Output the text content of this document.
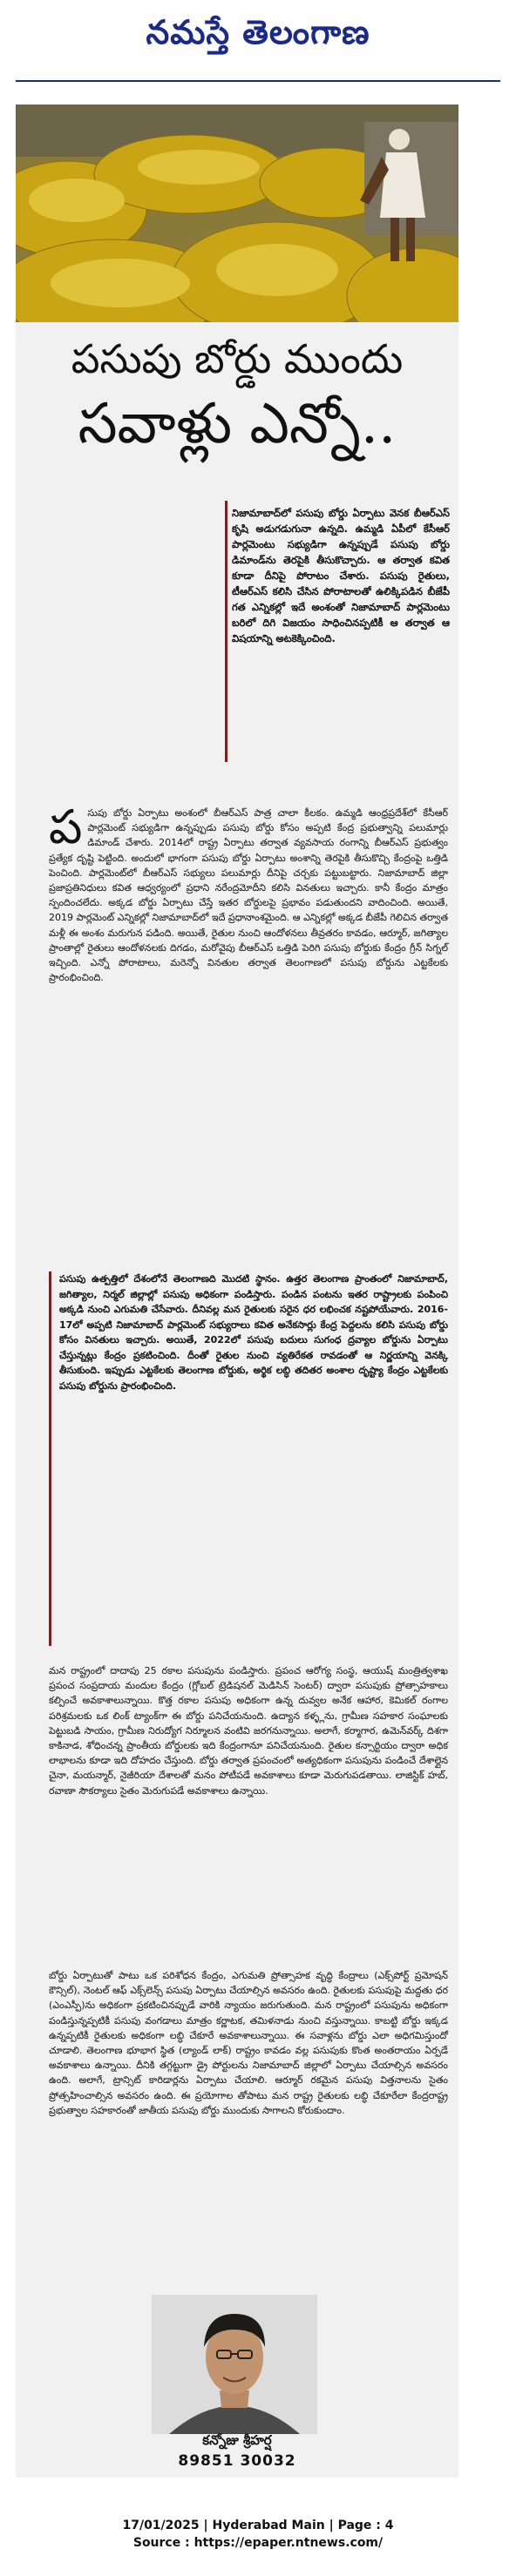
నమస్తే తెలంగాణ
పసుపు బోర్డు ముందు
సవాళ్లు ఎన్నో..
నిజామాబాద్‌లో పసుపు బోర్డు ఏర్పాటు వెనక బీఆర్ఎస్ కృషి అడుగడుగునా ఉన్నది. ఉమ్మడి ఏపీలో కేసీఆర్ పార్లమెంటు సభ్యుడిగా ఉన్నప్పుడే పసుపు బోర్డు డిమాండ్‌ను తెరపైకి తీసుకొచ్చారు. ఆ తర్వాత కవిత కూడా దీనిపై పోరాటం చేశారు. పసుపు రైతులు, టీఆర్ఎస్ కలిసి చేసిన పోరాటాలతో ఉలిక్కిపడిన బీజేపీ గత ఎన్నికల్లో ఇదే అంశంతో నిజామాబాద్ పార్లమెంటు బరిలో దిగి విజయం సాధించినప్పటికీ ఆ తర్వాత ఆ విషయాన్ని అటకెక్కించింది.
పసుపు బోర్డు ఏర్పాటు అంశంలో బీఆర్ఎస్ పాత్ర చాలా కీలకం. ఉమ్మడి ఆంధ్రప్రదేశ్‌లో కేసీఆర్ పార్లమెంట్ సభ్యుడిగా ఉన్నప్పుడు పసుపు బోర్డు కోసం అప్పటి కేంద్ర ప్రభుత్వాన్ని పలుమార్లు డిమాండ్ చేశారు. 2014లో రాష్ట్ర ఏర్పాటు తర్వాత వ్యవసాయ రంగాన్ని బీఆర్ఎస్ ప్రభుత్వం ప్రత్యేక దృష్టి పెట్టింది. అందులో భాగంగా పసుపు బోర్డు ఏర్పాటు అంశాన్ని తెరపైకి తీసుకొచ్చి కేంద్రంపై ఒత్తిడి పెంచింది. పార్లమెంట్‌లో బీఆర్ఎస్ సభ్యులు పలుమార్లు దీనిపై చర్చకు పట్టుబట్టారు. నిజామాబాద్ జిల్లా ప్రజాప్రతినిధులు కవిత ఆధ్వర్యంలో ప్రధాని నరేంద్రమోదీని కలిసి వినతులు ఇచ్చారు. కానీ కేంద్రం మాత్రం స్పందించలేదు. అక్కడ బోర్డు ఏర్పాటు చేస్తే ఇతర బోర్డులపై ప్రభావం పడుతుందని వాదించింది. అయితే, 2019 పార్లమెంట్ ఎన్నికల్లో నిజామాబాద్‌లో ఇదే ప్రధానాంశమైంది. ఆ ఎన్నికల్లో అక్కడ బీజేపీ గెలిచిన తర్వాత మళ్లీ ఈ అంశం మరుగున పడింది. అయితే, రైతుల నుంచి ఆందోళనలు తీవ్రతరం కావడం, ఆర్మూర్, జగిత్యాల ప్రాంతాల్లో రైతులు ఆందోళనలకు దిగడం, మరోవైపు బీఆర్ఎస్ ఒత్తిడి పెరిగి పసుపు బోర్డుకు కేంద్రం గ్రీన్ సిగ్నల్ ఇచ్చింది. ఎన్నో పోరాటాలు, మరెన్నో వినతుల తర్వాత తెలంగాణలో పసుపు బోర్డును ఎట్టకేలకు ప్రారంభించింది.
పసుపు ఉత్పత్తిలో దేశంలోనే తెలంగాణది మొదటి స్థానం. ఉత్తర తెలంగాణ ప్రాంతంలో నిజామాబాద్, జగిత్యాల, నిర్మల్ జిల్లాల్లో పసుపు అధికంగా పండిస్తారు. పండిన పంటను ఇతర రాష్ట్రాలకు పంపించి అక్కడి నుంచి ఎగుమతి చేసేవారు. దీనివల్ల మన రైతులకు సరైన ధర లభించక నష్టపోయేవారు. 2016-17లో అప్పటి నిజామాబాద్ పార్లమెంట్ సభ్యురాలు కవిత అనేకసార్లు కేంద్ర పెద్దలను కలిసి పసుపు బోర్డు కోసం వినతులు ఇచ్చారు. అయితే, 2022లో పసుపు బదులు సుగంధ ద్రవ్యాల బోర్డును ఏర్పాటు చేస్తున్నట్లు కేంద్రం ప్రకటించింది. దీంతో రైతుల నుంచి వ్యతిరేకత రావడంతో ఆ నిర్ణయాన్ని వెనక్కి తీసుకుంది. ఇప్పుడు ఎట్టకేలకు తెలంగాణ బోర్డుకు, అర్థిక లబ్ధి తదితర అంశాల దృష్ట్యా కేంద్రం ఎట్టకేలకు పసుపు బోర్డును ప్రారంభించింది.
మన రాష్ట్రంలో దాదాపు 25 రకాల పసుపును పండిస్తారు. ప్రపంచ ఆరోగ్య సంస్థ, ఆయుష్ మంత్రిత్వశాఖ ప్రపంచ సంప్రదాయ మందుల కేంద్రం (గ్లోబల్ ట్రెడిషనల్ మెడిసిన్ సెంటర్) ద్వారా పసుపుకు ప్రోత్సాహకాలు కల్పించే అవకాశాలున్నాయి. కొత్త రకాల పసుపు అధికంగా ఉన్న దువ్వల అనేక ఆహార, కెమికల్ రంగాల పరిశ్రమలకు ఒక లింక్ ట్యాంక్‌గా ఈ బోర్డు పనిచేయనుంది. ఉద్యాన కళ్ళ్లను, గ్రామీణ సహకార సంఘాలకు పెట్టుబడి సాయం, గ్రామీణ నిరుద్యోగ నిర్మూలన వంటివి జరగనున్నాయి. అలాగే, కర్మాగార, ఉమెన్‌వర్క్ దిశగా కాకినాడ, శోధించన్న ప్రాంతీయ బోర్డులకు ఇది కేంద్రంగానూ పనిచేయనుంది. రైతుల కన్సార్టియం ద్వారా అధిక లాభాలను కూడా ఇది దోహదం చేస్తుంది. బోర్డు తర్వాత ప్రపంచంలో అత్యధికంగా పసుపును పండించే దేశాల్లైన చైనా, మయన్మార్, నైజీరియా దేశాలతో మనం పోటీపడే అవకాశాలు కూడా మెరుగుపడతాయి. లాజిస్టిక్ హబ్, రవాణా సౌకర్యాలు సైతం మెరుగుపడే అవకాశాలు ఉన్నాయి.
బోర్డు ఏర్పాటుతో పాటు ఒక పరిశోధన కేంద్రం, ఎగుమతి ప్రోత్సాహక వృద్ధి కేంద్రాలు (ఎక్స్‌పోర్ట్ ప్రమోషన్ కౌన్సిల్), నెంటల్ ఆఫ్ ఎక్స్‌లెన్స్ పసుపు ఏర్పాటు చేయాల్సిన అవసరం ఉంది. రైతులకు పసుపుపై మద్దతు ధర (ఎంఎస్పీ)ను అధికంగా ప్రకటించినప్పుడే వారికి న్యాయం జరుగుతుంది. మన రాష్ట్రంలో పసుపును అధికంగా పండిస్తున్నప్పటికీ పసుపు వంగడాలు మాత్రం కర్ణాటక, తమిళనాడు నుంచి వస్తున్నాయి. కాబట్టి బోర్డు ఇక్కడ ఉన్నప్పటికీ రైతులకు అధికంగా లబ్ధి చేకూరే అవకాశాలున్నాయి. ఈ సవాళ్లను బోర్డు ఎలా అధిగమిస్తుందో చూడాలి. తెలంగాణ భూభాగ స్థిత (ల్యాండ్ లాక్) రాష్ట్రం కావడం వల్ల పసుపుకు కొంత అంతరాయం ఏర్పడే అవకాశాలు ఉన్నాయి. దీనికి తగ్గట్టుగా డ్రై పోర్టులను నిజామాబాద్ జిల్లాలో ఏర్పాటు చేయాల్సిన అవసరం ఉంది. అలాగే, ట్రాన్సిట్ కారిడార్లను ఏర్పాటు చేయాలి. ఆర్మూర్ రకమైన పసుపు విత్తనాలను సైతం ప్రోత్సహించాల్సిన అవసరం ఉంది. ఈ ప్రయోగాల తోపాటు మన రాష్ట్ర రైతులకు లబ్ధి చేకూరేలా కేంద్రరాష్ట్ర ప్రభుత్వాల సహకారంతో జాతీయ పసుపు బోర్డు ముందుకు సాగాలని కోరుకుందాం.
కన్నోజు శ్రీహర్ష
89851 30032
17/01/2025 | Hyderabad Main | Page : 4
Source : https://epaper.ntnews.com/
